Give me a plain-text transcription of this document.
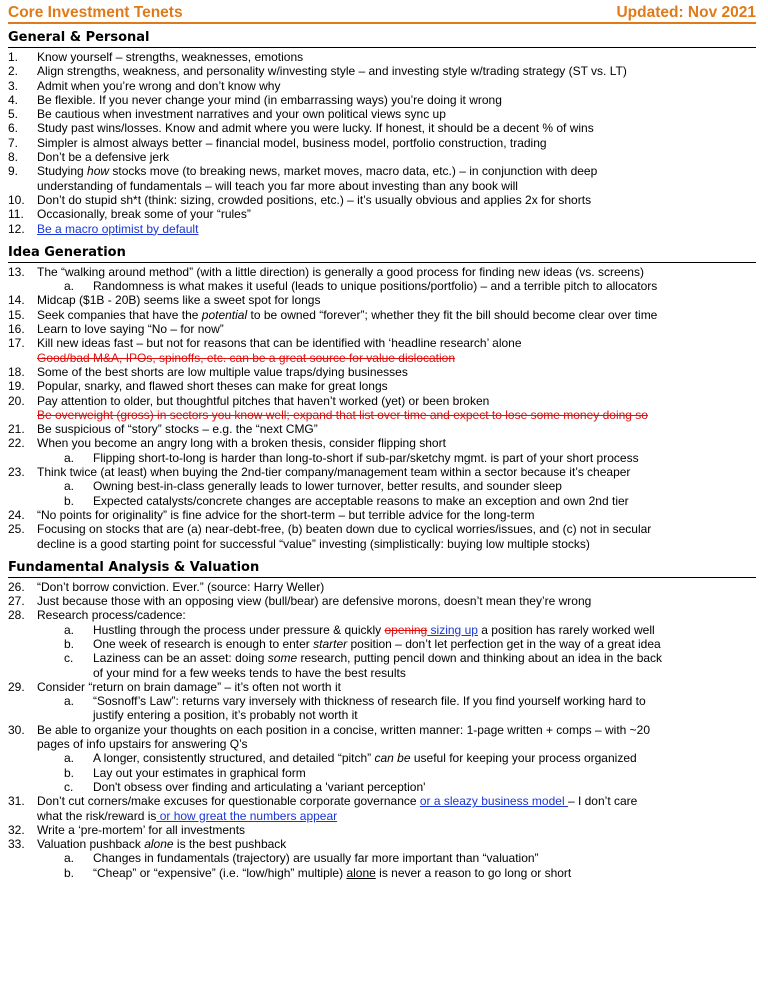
Core Investment Tenets	Updated: Nov 2021
General & Personal
1.	Know yourself – strengths, weaknesses, emotions
2.	Align strengths, weakness, and personality w/investing style – and investing style w/trading strategy (ST vs. LT)
3.	Admit when you’re wrong and don’t know why
4.	Be flexible. If you never change your mind (in embarrassing ways) you’re doing it wrong
5.	Be cautious when investment narratives and your own political views sync up
6.	Study past wins/losses. Know and admit where you were lucky. If honest, it should be a decent % of wins
7.	Simpler is almost always better – financial model, business model, portfolio construction, trading
8.	Don’t be a defensive jerk
9.	Studying how stocks move (to breaking news, market moves, macro data, etc.) – in conjunction with deep
understanding of fundamentals – will teach you far more about investing than any book will
10.	Don’t do stupid sh*t (think: sizing, crowded positions, etc.) – it’s usually obvious and applies 2x for shorts
11.	Occasionally, break some of your “rules”
12.	Be a macro optimist by default
Idea Generation
13.	The “walking around method” (with a little direction) is generally a good process for finding new ideas (vs. screens)
a.	Randomness is what makes it useful (leads to unique positions/portfolio) – and a terrible pitch to allocators
14.	Midcap ($1B - 20B) seems like a sweet spot for longs
15.	Seek companies that have the potential to be owned “forever”; whether they fit the bill should become clear over time
16.	Learn to love saying “No – for now”
17.	Kill new ideas fast – but not for reasons that can be identified with ‘headline research’ alone
Good/bad M&A, IPOs, spinoffs, etc. can be a great source for value dislocation
18.	Some of the best shorts are low multiple value traps/dying businesses
19.	Popular, snarky, and flawed short theses can make for great longs
20.	Pay attention to older, but thoughtful pitches that haven’t worked (yet) or been broken
Be overweight (gross) in sectors you know well; expand that list over time and expect to lose some money doing so
21.	Be suspicious of “story” stocks – e.g. the “next CMG”
22.	When you become an angry long with a broken thesis, consider flipping short
a.	Flipping short-to-long is harder than long-to-short if sub-par/sketchy mgmt. is part of your short process
23.	Think twice (at least) when buying the 2nd-tier company/management team within a sector because it’s cheaper
a.	Owning best-in-class generally leads to lower turnover, better results, and sounder sleep
b.	Expected catalysts/concrete changes are acceptable reasons to make an exception and own 2nd tier
24.	“No points for originality” is fine advice for the short-term – but terrible advice for the long-term
25.	Focusing on stocks that are (a) near-debt-free, (b) beaten down due to cyclical worries/issues, and (c) not in secular
decline is a good starting point for successful “value” investing (simplistically: buying low multiple stocks)
Fundamental Analysis & Valuation
26.	“Don’t borrow conviction. Ever.” (source: Harry Weller)
27.	Just because those with an opposing view (bull/bear) are defensive morons, doesn’t mean they’re wrong
28.	Research process/cadence:
a.	Hustling through the process under pressure & quickly opening sizing up a position has rarely worked well
b.	One week of research is enough to enter starter position – don’t let perfection get in the way of a great idea
c.	Laziness can be an asset: doing some research, putting pencil down and thinking about an idea in the back
of your mind for a few weeks tends to have the best results
29.	Consider “return on brain damage” – it’s often not worth it
a.	“Sosnoff’s Law”: returns vary inversely with thickness of research file. If you find yourself working hard to
justify entering a position, it’s probably not worth it
30.	Be able to organize your thoughts on each position in a concise, written manner: 1-page written + comps – with ~20
pages of info upstairs for answering Q’s
a.	A longer, consistently structured, and detailed “pitch” can be useful for keeping your process organized
b.	Lay out your estimates in graphical form
c.	Don't obsess over finding and articulating a 'variant perception'
31.	Don’t cut corners/make excuses for questionable corporate governance or a sleazy business model – I don’t care
what the risk/reward is or how great the numbers appear
32.	Write a ‘pre-mortem’ for all investments
33.	Valuation pushback alone is the best pushback
a.	Changes in fundamentals (trajectory) are usually far more important than “valuation”
b.	“Cheap” or “expensive” (i.e. “low/high” multiple) alone is never a reason to go long or short
